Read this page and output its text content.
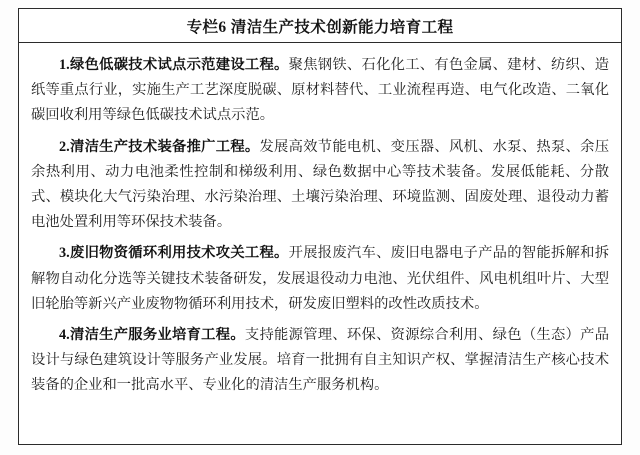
专栏6 清洁生产技术创新能力培育工程

1.绿色低碳技术试点示范建设工程。聚焦钢铁、石化化工、有色金属、建材、纺织、造纸等重点行业，实施生产工艺深度脱碳、原材料替代、工业流程再造、电气化改造、二氧化碳回收利用等绿色低碳技术试点示范。

2.清洁生产技术装备推广工程。发展高效节能电机、变压器、风机、水泵、热泵、余压余热利用、动力电池柔性控制和梯级利用、绿色数据中心等技术装备。发展低能耗、分散式、模块化大气污染治理、水污染治理、土壤污染治理、环境监测、固废处理、退役动力蓄电池处置利用等环保技术装备。

3.废旧物资循环利用技术攻关工程。开展报废汽车、废旧电器电子产品的智能拆解和拆解物自动化分选等关键技术装备研发，发展退役动力电池、光伏组件、风电机组叶片、大型旧轮胎等新兴产业废物物循环利用技术，研发废旧塑料的改性改质技术。

4.清洁生产服务业培育工程。支持能源管理、环保、资源综合利用、绿色（生态）产品设计与绿色建筑设计等服务产业发展。培育一批拥有自主知识产权、掌握清洁生产核心技术装备的企业和一批高水平、专业化的清洁生产服务机构。
